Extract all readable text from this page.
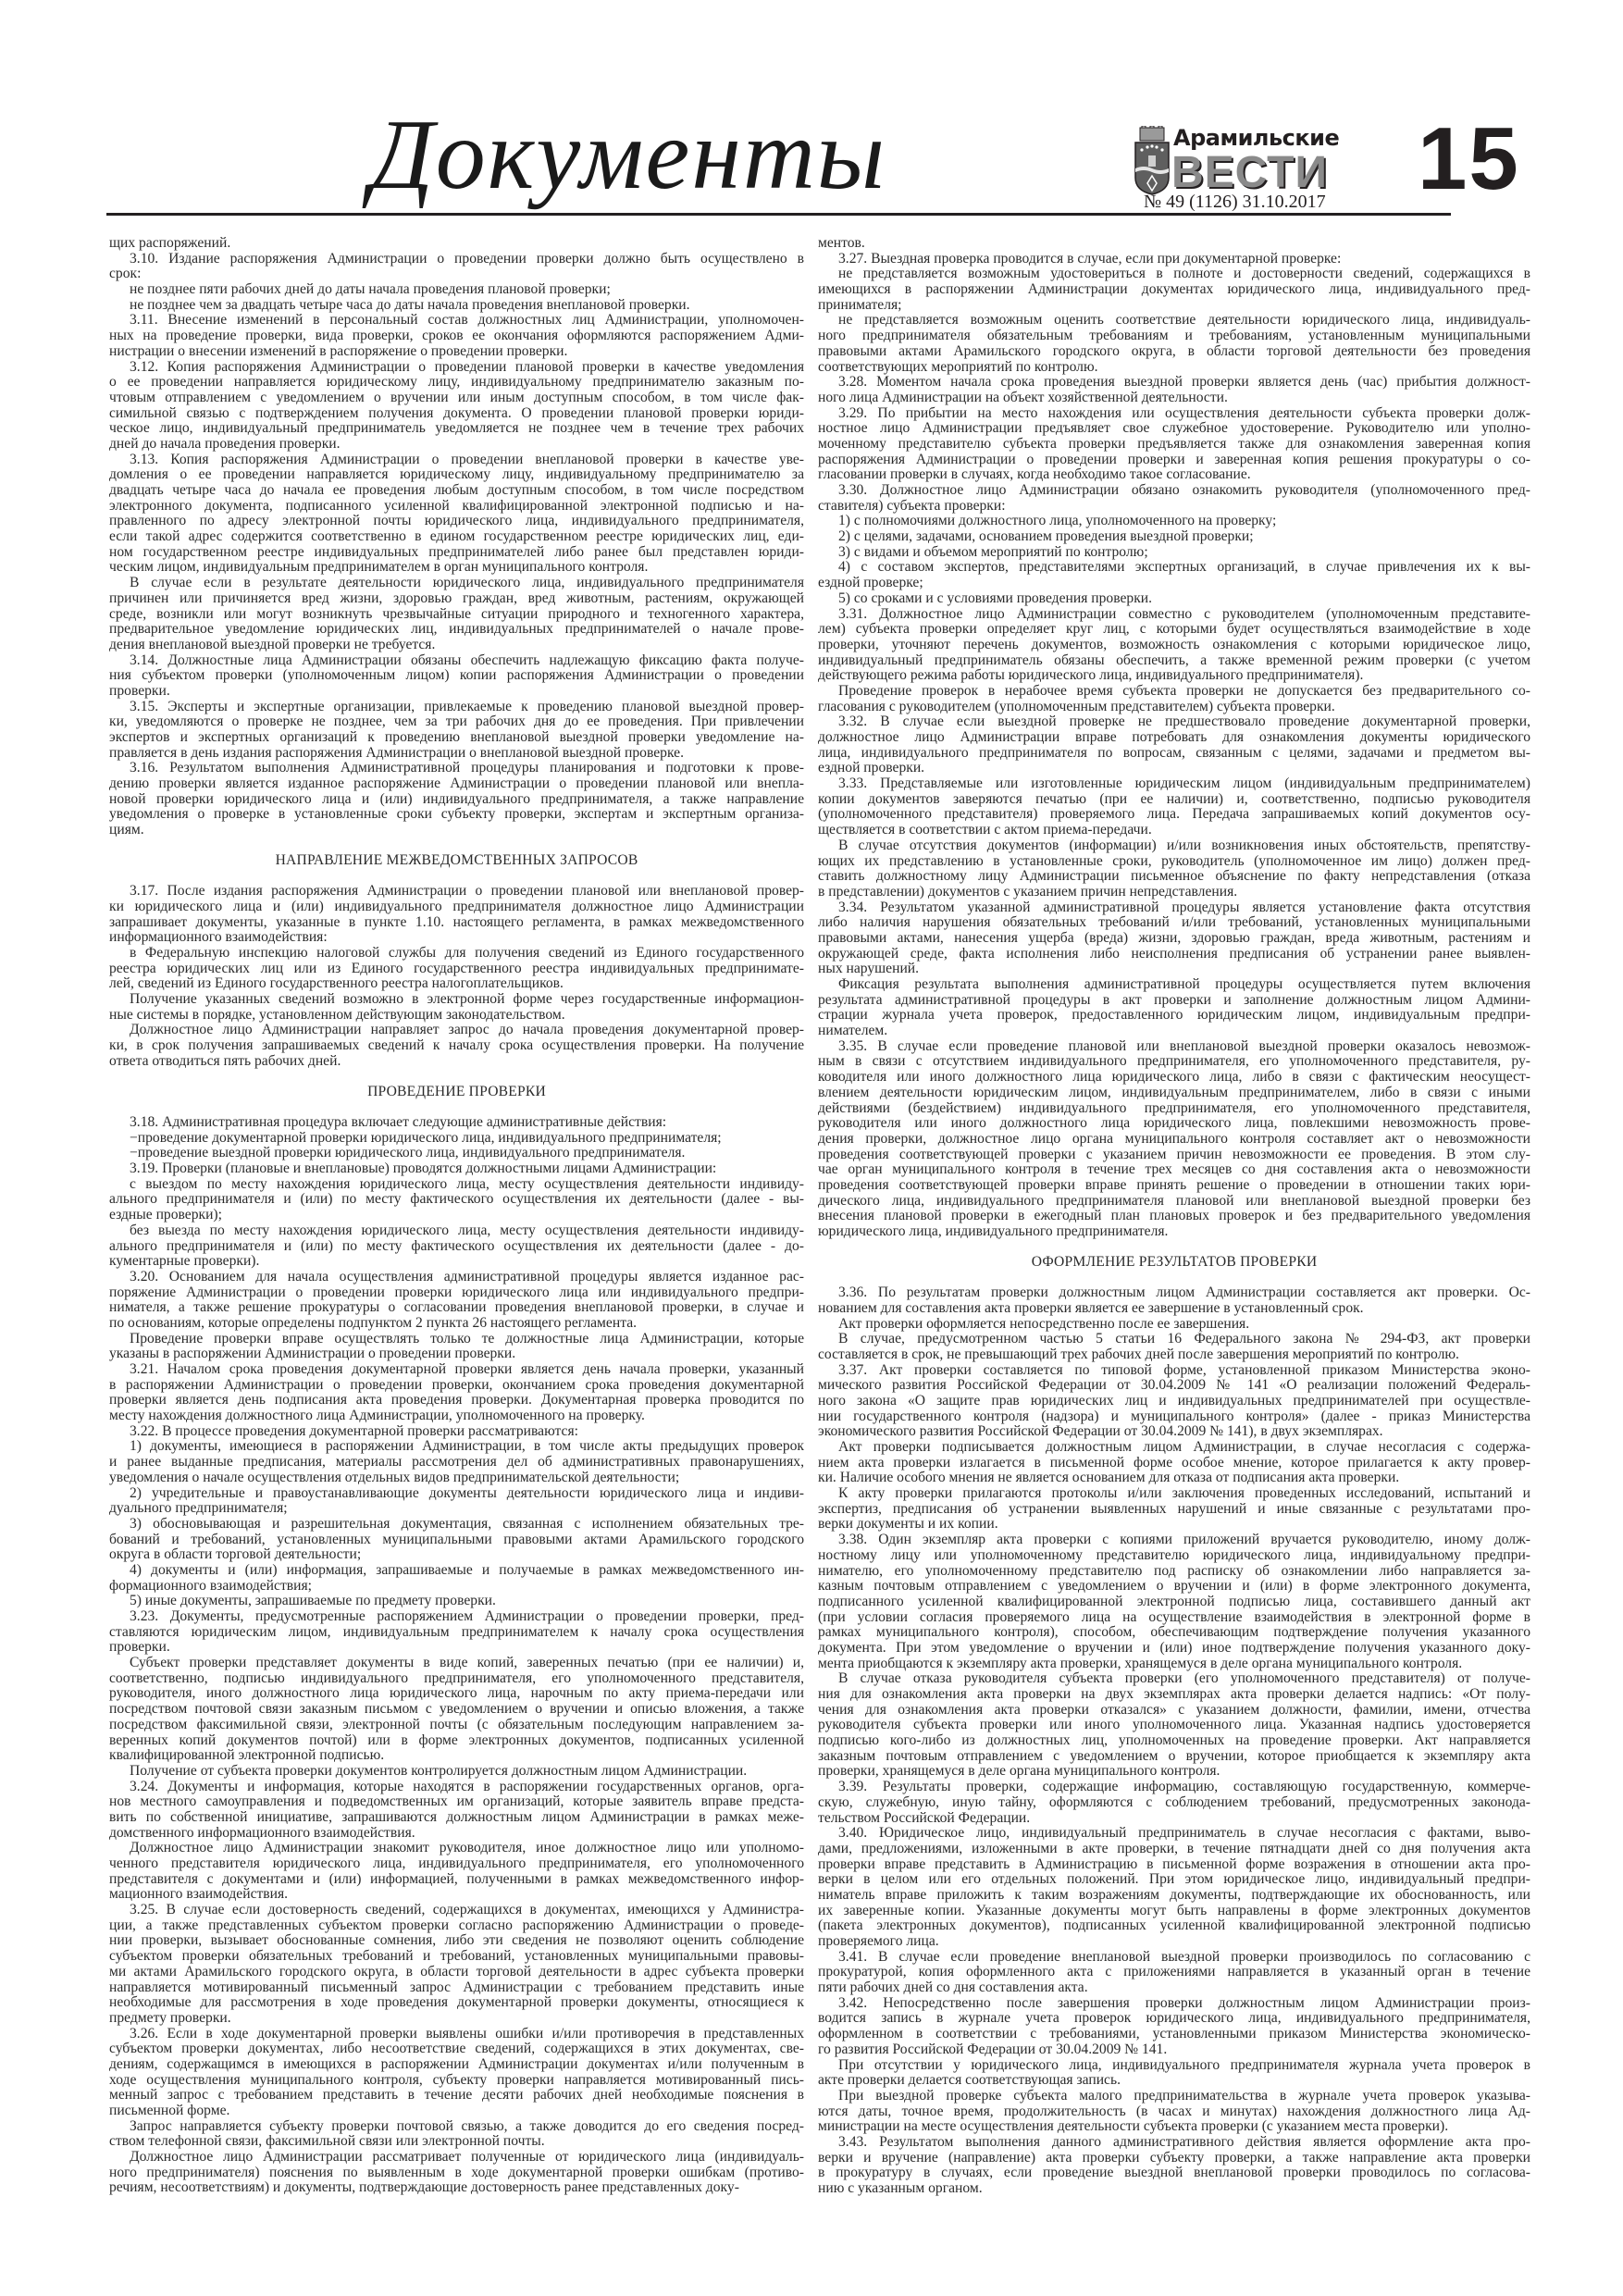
Документы	Арамильские
ВЕСТИ
№ 49 (1126) 31.10.2017 15
щих распоряжений.
3.10. Издание распоряжения Администрации о проведении проверки должно быть осуществлено в
срок:
не позднее пяти рабочих дней до даты начала проведения плановой проверки;
не позднее чем за двадцать четыре часа до даты начала проведения внеплановой проверки.
3.11. Внесение изменений в персональный состав должностных лиц Администрации, уполномочен-
ных на проведение проверки, вида проверки, сроков ее окончания оформляются распоряжением Адми-
нистрации о внесении изменений в распоряжение о проведении проверки.
3.12. Копия распоряжения Администрации о проведении плановой проверки в качестве уведомления
о ее проведении направляется юридическому лицу, индивидуальному предпринимателю заказным по-
чтовым отправлением с уведомлением о вручении или иным доступным способом, в том числе фак-
симильной связью с подтверждением получения документа. О проведении плановой проверки юриди-
ческое лицо, индивидуальный предприниматель уведомляется не позднее чем в течение трех рабочих
дней до начала проведения проверки.
3.13. Копия распоряжения Администрации о проведении внеплановой проверки в качестве уве-
домления о ее проведении направляется юридическому лицу, индивидуальному предпринимателю за
двадцать четыре часа до начала ее проведения любым доступным способом, в том числе посредством
электронного документа, подписанного усиленной квалифицированной электронной подписью и на-
правленного по адресу электронной почты юридического лица, индивидуального предпринимателя,
если такой адрес содержится соответственно в едином государственном реестре юридических лиц, еди-
ном государственном реестре индивидуальных предпринимателей либо ранее был представлен юриди-
ческим лицом, индивидуальным предпринимателем в орган муниципального контроля.
В случае если в результате деятельности юридического лица, индивидуального предпринимателя
причинен или причиняется вред жизни, здоровью граждан, вред животным, растениям, окружающей
среде, возникли или могут возникнуть чрезвычайные ситуации природного и техногенного характера,
предварительное уведомление юридических лиц, индивидуальных предпринимателей о начале прове-
дения внеплановой выездной проверки не требуется.
3.14. Должностные лица Администрации обязаны обеспечить надлежащую фиксацию факта получе-
ния субъектом проверки (уполномоченным лицом) копии распоряжения Администрации о проведении
проверки.
3.15. Эксперты и экспертные организации, привлекаемые к проведению плановой выездной провер-
ки, уведомляются о проверке не позднее, чем за три рабочих дня до ее проведения. При привлечении
экспертов и экспертных организаций к проведению внеплановой выездной проверки уведомление на-
правляется в день издания распоряжения Администрации о внеплановой выездной проверке.
3.16. Результатом выполнения Административной процедуры планирования и подготовки к прове-
дению проверки является изданное распоряжение Администрации о проведении плановой или внепла-
новой проверки юридического лица и (или) индивидуального предпринимателя, а также направление
уведомления о проверке в установленные сроки субъекту проверки, экспертам и экспертным организа-
циям.
НАПРАВЛЕНИЕ МЕЖВЕДОМСТВЕННЫХ ЗАПРОСОВ
3.17. После издания распоряжения Администрации о проведении плановой или внеплановой провер-
ки юридического лица и (или) индивидуального предпринимателя должностное лицо Администрации
запрашивает документы, указанные в пункте 1.10. настоящего регламента, в рамках межведомственного
информационного взаимодействия:
в Федеральную инспекцию налоговой службы для получения сведений из Единого государственного
реестра юридических лиц или из Единого государственного реестра индивидуальных предпринимате-
лей, сведений из Единого государственного реестра налогоплательщиков.
Получение указанных сведений возможно в электронной форме через государственные информацион-
ные системы в порядке, установленном действующим законодательством.
Должностное лицо Администрации направляет запрос до начала проведения документарной провер-
ки, в срок получения запрашиваемых сведений к началу срока осуществления проверки. На получение
ответа отводиться пять рабочих дней.
ПРОВЕДЕНИЕ ПРОВЕРКИ
3.18. Административная процедура включает следующие административные действия:
−проведение документарной проверки юридического лица, индивидуального предпринимателя;
−проведение выездной проверки юридического лица, индивидуального предпринимателя.
3.19. Проверки (плановые и внеплановые) проводятся должностными лицами Администрации:
с выездом по месту нахождения юридического лица, месту осуществления деятельности индивиду-
ального предпринимателя и (или) по месту фактического осуществления их деятельности (далее - вы-
ездные проверки);
без выезда по месту нахождения юридического лица, месту осуществления деятельности индивиду-
ального предпринимателя и (или) по месту фактического осуществления их деятельности (далее - до-
кументарные проверки).
3.20. Основанием для начала осуществления административной процедуры является изданное рас-
поряжение Администрации о проведении проверки юридического лица или индивидуального предпри-
нимателя, а также решение прокуратуры о согласовании проведения внеплановой проверки, в случае и
по основаниям, которые определены подпунктом 2 пункта 26 настоящего регламента.
Проведение проверки вправе осуществлять только те должностные лица Администрации, которые
указаны в распоряжении Администрации о проведении проверки.
3.21. Началом срока проведения документарной проверки является день начала проверки, указанный
в распоряжении Администрации о проведении проверки, окончанием срока проведения документарной
проверки является день подписания акта проведения проверки. Документарная проверка проводится по
месту нахождения должностного лица Администрации, уполномоченного на проверку.
3.22. В процессе проведения документарной проверки рассматриваются:
1) документы, имеющиеся в распоряжении Администрации, в том числе акты предыдущих проверок
и ранее выданные предписания, материалы рассмотрения дел об административных правонарушениях,
уведомления о начале осуществления отдельных видов предпринимательской деятельности;
2) учредительные и правоустанавливающие документы деятельности юридического лица и индиви-
дуального предпринимателя;
3) обосновывающая и разрешительная документация, связанная с исполнением обязательных тре-
бований и требований, установленных муниципальными правовыми актами Арамильского городского
округа в области торговой деятельности;
4) документы и (или) информация, запрашиваемые и получаемые в рамках межведомственного ин-
формационного взаимодействия;
5) иные документы, запрашиваемые по предмету проверки.
3.23. Документы, предусмотренные распоряжением Администрации о проведении проверки, пред-
ставляются юридическим лицом, индивидуальным предпринимателем к началу срока осуществления
проверки.
Субъект проверки представляет документы в виде копий, заверенных печатью (при ее наличии) и,
соответственно, подписью индивидуального предпринимателя, его уполномоченного представителя,
руководителя, иного должностного лица юридического лица, нарочным по акту приема-передачи или
посредством почтовой связи заказным письмом с уведомлением о вручении и описью вложения, а также
посредством факсимильной связи, электронной почты (с обязательным последующим направлением за-
веренных копий документов почтой) или в форме электронных документов, подписанных усиленной
квалифицированной электронной подписью.
Получение от субъекта проверки документов контролируется должностным лицом Администрации.
3.24. Документы и информация, которые находятся в распоряжении государственных органов, орга-
нов местного самоуправления и подведомственных им организаций, которые заявитель вправе предста-
вить по собственной инициативе, запрашиваются должностным лицом Администрации в рамках меже-
домственного информационного взаимодействия.
Должностное лицо Администрации знакомит руководителя, иное должностное лицо или уполномо-
ченного представителя юридического лица, индивидуального предпринимателя, его уполномоченного
представителя с документами и (или) информацией, полученными в рамках межведомственного инфор-
мационного взаимодействия.
3.25. В случае если достоверность сведений, содержащихся в документах, имеющихся у Администра-
ции, а также представленных субъектом проверки согласно распоряжению Администрации о проведе-
нии проверки, вызывает обоснованные сомнения, либо эти сведения не позволяют оценить соблюдение
субъектом проверки обязательных требований и требований, установленных муниципальными правовы-
ми актами Арамильского городского округа, в области торговой деятельности в адрес субъекта проверки
направляется мотивированный письменный запрос Администрации с требованием представить иные
необходимые для рассмотрения в ходе проведения документарной проверки документы, относящиеся к
предмету проверки.
3.26. Если в ходе документарной проверки выявлены ошибки и/или противоречия в представленных
субъектом проверки документах, либо несоответствие сведений, содержащихся в этих документах, све-
дениям, содержащимся в имеющихся в распоряжении Администрации документах и/или полученным в
ходе осуществления муниципального контроля, субъекту проверки направляется мотивированный пись-
менный запрос с требованием представить в течение десяти рабочих дней необходимые пояснения в
письменной форме.
Запрос направляется субъекту проверки почтовой связью, а также доводится до его сведения посред-
ством телефонной связи, факсимильной связи или электронной почты.
Должностное лицо Администрации рассматривает полученные от юридического лица (индивидуаль-
ного предпринимателя) пояснения по выявленным в ходе документарной проверки ошибкам (противо-
речиям, несоответствиям) и документы, подтверждающие достоверность ранее представленных доку-
ментов.
3.27. Выездная проверка проводится в случае, если при документарной проверке:
не представляется возможным удостовериться в полноте и достоверности сведений, содержащихся в
имеющихся в распоряжении Администрации документах юридического лица, индивидуального пред-
принимателя;
не представляется возможным оценить соответствие деятельности юридического лица, индивидуаль-
ного предпринимателя обязательным требованиям и требованиям, установленным муниципальными
правовыми актами Арамильского городского округа, в области торговой деятельности без проведения
соответствующих мероприятий по контролю.
3.28. Моментом начала срока проведения выездной проверки является день (час) прибытия должност-
ного лица Администрации на объект хозяйственной деятельности.
3.29. По прибытии на место нахождения или осуществления деятельности субъекта проверки долж-
ностное лицо Администрации предъявляет свое служебное удостоверение. Руководителю или уполно-
моченному представителю субъекта проверки предъявляется также для ознакомления заверенная копия
распоряжения Администрации о проведении проверки и заверенная копия решения прокуратуры о со-
гласовании проверки в случаях, когда необходимо такое согласование.
3.30. Должностное лицо Администрации обязано ознакомить руководителя (уполномоченного пред-
ставителя) субъекта проверки:
1) с полномочиями должностного лица, уполномоченного на проверку;
2) с целями, задачами, основанием проведения выездной проверки;
3) с видами и объемом мероприятий по контролю;
4) с составом экспертов, представителями экспертных организаций, в случае привлечения их к вы-
ездной проверке;
5) со сроками и с условиями проведения проверки.
3.31. Должностное лицо Администрации совместно с руководителем (уполномоченным представите-
лем) субъекта проверки определяет круг лиц, с которыми будет осуществляться взаимодействие в ходе
проверки, уточняют перечень документов, возможность ознакомления с которыми юридическое лицо,
индивидуальный предприниматель обязаны обеспечить, а также временной режим проверки (с учетом
действующего режима работы юридического лица, индивидуального предпринимателя).
Проведение проверок в нерабочее время субъекта проверки не допускается без предварительного со-
гласования с руководителем (уполномоченным представителем) субъекта проверки.
3.32. В случае если выездной проверке не предшествовало проведение документарной проверки,
должностное лицо Администрации вправе потребовать для ознакомления документы юридического
лица, индивидуального предпринимателя по вопросам, связанным с целями, задачами и предметом вы-
ездной проверки.
3.33. Представляемые или изготовленные юридическим лицом (индивидуальным предпринимателем)
копии документов заверяются печатью (при ее наличии) и, соответственно, подписью руководителя
(уполномоченного представителя) проверяемого лица. Передача запрашиваемых копий документов осу-
ществляется в соответствии с актом приема-передачи.
В случае отсутствия документов (информации) и/или возникновения иных обстоятельств, препятству-
ющих их представлению в установленные сроки, руководитель (уполномоченное им лицо) должен пред-
ставить должностному лицу Администрации письменное объяснение по факту непредставления (отказа
в представлении) документов с указанием причин непредставления.
3.34. Результатом указанной административной процедуры является установление факта отсутствия
либо наличия нарушения обязательных требований и/или требований, установленных муниципальными
правовыми актами, нанесения ущерба (вреда) жизни, здоровью граждан, вреда животным, растениям и
окружающей среде, факта исполнения либо неисполнения предписания об устранении ранее выявлен-
ных нарушений.
Фиксация результата выполнения административной процедуры осуществляется путем включения
результата административной процедуры в акт проверки и заполнение должностным лицом Админи-
страции журнала учета проверок, предоставленного юридическим лицом, индивидуальным предпри-
нимателем.
3.35. В случае если проведение плановой или внеплановой выездной проверки оказалось невозмож-
ным в связи с отсутствием индивидуального предпринимателя, его уполномоченного представителя, ру-
ководителя или иного должностного лица юридического лица, либо в связи с фактическим неосущест-
влением деятельности юридическим лицом, индивидуальным предпринимателем, либо в связи с иными
действиями (бездействием) индивидуального предпринимателя, его уполномоченного представителя,
руководителя или иного должностного лица юридического лица, повлекшими невозможность прове-
дения проверки, должностное лицо органа муниципального контроля составляет акт о невозможности
проведения соответствующей проверки с указанием причин невозможности ее проведения. В этом слу-
чае орган муниципального контроля в течение трех месяцев со дня составления акта о невозможности
проведения соответствующей проверки вправе принять решение о проведении в отношении таких юри-
дического лица, индивидуального предпринимателя плановой или внеплановой выездной проверки без
внесения плановой проверки в ежегодный план плановых проверок и без предварительного уведомления
юридического лица, индивидуального предпринимателя.
ОФОРМЛЕНИЕ РЕЗУЛЬТАТОВ ПРОВЕРКИ
3.36. По результатам проверки должностным лицом Администрации составляется акт проверки. Ос-
нованием для составления акта проверки является ее завершение в установленный срок.
Акт проверки оформляется непосредственно после ее завершения.
В случае, предусмотренном частью 5 статьи 16 Федерального закона № 294-ФЗ, акт проверки
составляется в срок, не превышающий трех рабочих дней после завершения мероприятий по контролю.
3.37. Акт проверки составляется по типовой форме, установленной приказом Министерства эконо-
мического развития Российской Федерации от 30.04.2009 № 141 «О реализации положений Федераль-
ного закона «О защите прав юридических лиц и индивидуальных предпринимателей при осуществле-
нии государственного контроля (надзора) и муниципального контроля» (далее - приказ Министерства
экономического развития Российской Федерации от 30.04.2009 № 141), в двух экземплярах.
Акт проверки подписывается должностным лицом Администрации, в случае несогласия с содержа-
нием акта проверки излагается в письменной форме особое мнение, которое прилагается к акту провер-
ки. Наличие особого мнения не является основанием для отказа от подписания акта проверки.
К акту проверки прилагаются протоколы и/или заключения проведенных исследований, испытаний и
экспертиз, предписания об устранении выявленных нарушений и иные связанные с результатами про-
верки документы и их копии.
3.38. Один экземпляр акта проверки с копиями приложений вручается руководителю, иному долж-
ностному лицу или уполномоченному представителю юридического лица, индивидуальному предпри-
нимателю, его уполномоченному представителю под расписку об ознакомлении либо направляется за-
казным почтовым отправлением с уведомлением о вручении и (или) в форме электронного документа,
подписанного усиленной квалифицированной электронной подписью лица, составившего данный акт
(при условии согласия проверяемого лица на осуществление взаимодействия в электронной форме в
рамках муниципального контроля), способом, обеспечивающим подтверждение получения указанного
документа. При этом уведомление о вручении и (или) иное подтверждение получения указанного доку-
мента приобщаются к экземпляру акта проверки, хранящемуся в деле органа муниципального контроля.
В случае отказа руководителя субъекта проверки (его уполномоченного представителя) от получе-
ния для ознакомления акта проверки на двух экземплярах акта проверки делается надпись: «От полу-
чения для ознакомления акта проверки отказался» с указанием должности, фамилии, имени, отчества
руководителя субъекта проверки или иного уполномоченного лица. Указанная надпись удостоверяется
подписью кого-либо из должностных лиц, уполномоченных на проведение проверки. Акт направляется
заказным почтовым отправлением с уведомлением о вручении, которое приобщается к экземпляру акта
проверки, хранящемуся в деле органа муниципального контроля.
3.39. Результаты проверки, содержащие информацию, составляющую государственную, коммерче-
скую, служебную, иную тайну, оформляются с соблюдением требований, предусмотренных законода-
тельством Российской Федерации.
3.40. Юридическое лицо, индивидуальный предприниматель в случае несогласия с фактами, выво-
дами, предложениями, изложенными в акте проверки, в течение пятнадцати дней со дня получения акта
проверки вправе представить в Администрацию в письменной форме возражения в отношении акта про-
верки в целом или его отдельных положений. При этом юридическое лицо, индивидуальный предпри-
ниматель вправе приложить к таким возражениям документы, подтверждающие их обоснованность, или
их заверенные копии. Указанные документы могут быть направлены в форме электронных документов
(пакета электронных документов), подписанных усиленной квалифицированной электронной подписью
проверяемого лица.
3.41. В случае если проведение внеплановой выездной проверки производилось по согласованию с
прокуратурой, копия оформленного акта с приложениями направляется в указанный орган в течение
пяти рабочих дней со дня составления акта.
3.42. Непосредственно после завершения проверки должностным лицом Администрации произ-
водится запись в журнале учета проверок юридического лица, индивидуального предпринимателя,
оформленном в соответствии с требованиями, установленными приказом Министерства экономическо-
го развития Российской Федерации от 30.04.2009 № 141.
При отсутствии у юридического лица, индивидуального предпринимателя журнала учета проверок в
акте проверки делается соответствующая запись.
При выездной проверке субъекта малого предпринимательства в журнале учета проверок указыва-
ются даты, точное время, продолжительность (в часах и минутах) нахождения должностного лица Ад-
министрации на месте осуществления деятельности субъекта проверки (с указанием места проверки).
3.43. Результатом выполнения данного административного действия является оформление акта про-
верки и вручение (направление) акта проверки субъекту проверки, а также направление акта проверки
в прокуратуру в случаях, если проведение выездной внеплановой проверки проводилось по согласова-
нию с указанным органом.
